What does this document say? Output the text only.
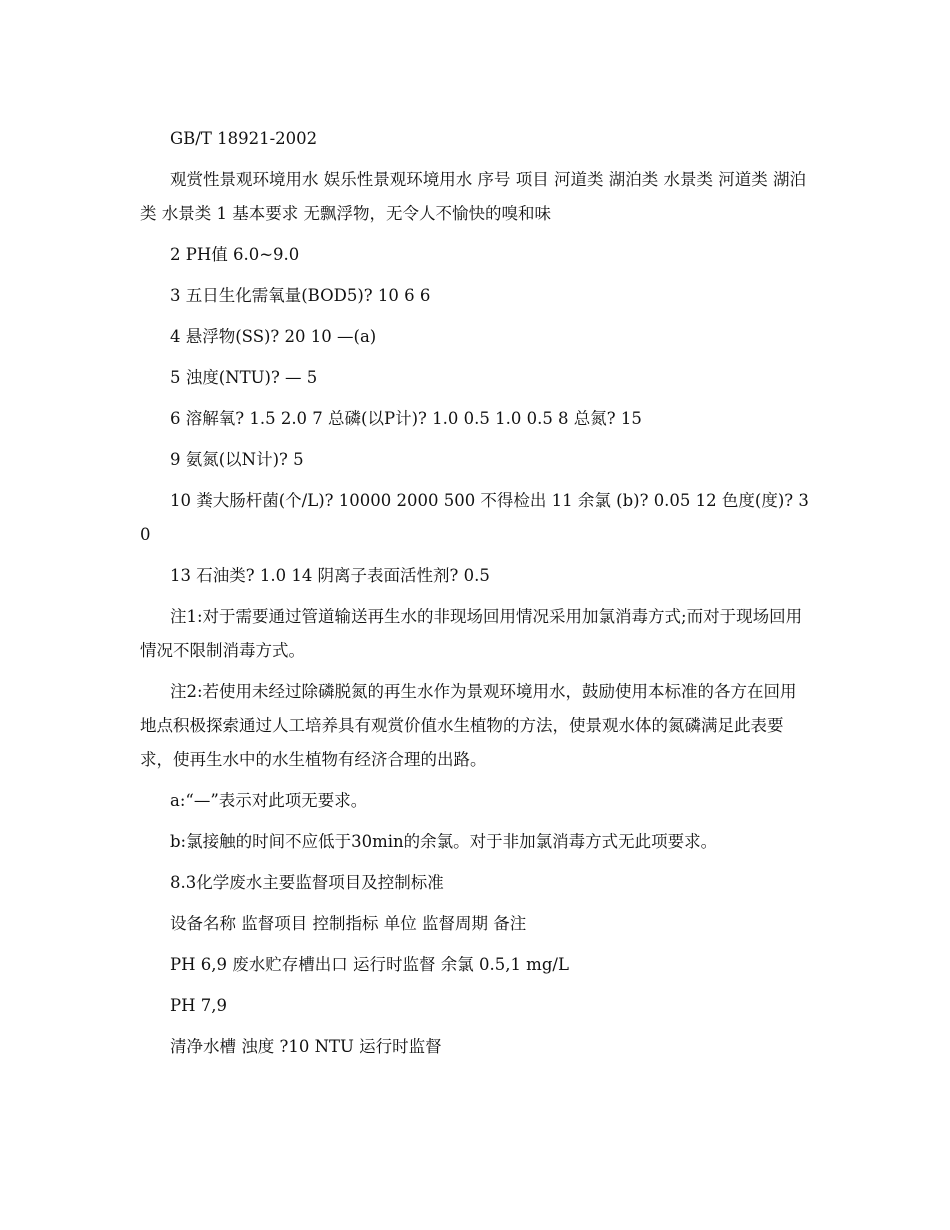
GB/T 18921-2002

观赏性景观环境用水 娱乐性景观环境用水 序号 项目 河道类 湖泊类 水景类 河道类 湖泊类 水景类 1 基本要求 无飘浮物，无令人不愉快的嗅和味

2 PH值 6.0~9.0

3 五日生化需氧量(BOD5)? 10 6 6

4 悬浮物(SS)? 20 10 —(a)

5 浊度(NTU)? — 5

6 溶解氧? 1.5 2.0 7 总磷(以P计)? 1.0 0.5 1.0 0.5 8 总氮? 15

9 氨氮(以N计)? 5

10 粪大肠杆菌(个/L)? 10000 2000 500 不得检出 11 余氯 (b)? 0.05 12 色度(度)? 30

13 石油类? 1.0 14 阴离子表面活性剂? 0.5

注1:对于需要通过管道输送再生水的非现场回用情况采用加氯消毒方式;而对于现场回用情况不限制消毒方式。

注2:若使用未经过除磷脱氮的再生水作为景观环境用水，鼓励使用本标准的各方在回用地点积极探索通过人工培养具有观赏价值水生植物的方法，使景观水体的氮磷满足此表要求，使再生水中的水生植物有经济合理的出路。

a:“—”表示对此项无要求。

b:氯接触的时间不应低于30min的余氯。对于非加氯消毒方式无此项要求。

8.3化学废水主要监督项目及控制标准

设备名称 监督项目 控制指标 单位 监督周期 备注

PH 6,9 废水贮存槽出口 运行时监督 余氯 0.5,1 mg/L

PH 7,9

清净水槽 浊度 ?10 NTU 运行时监督
